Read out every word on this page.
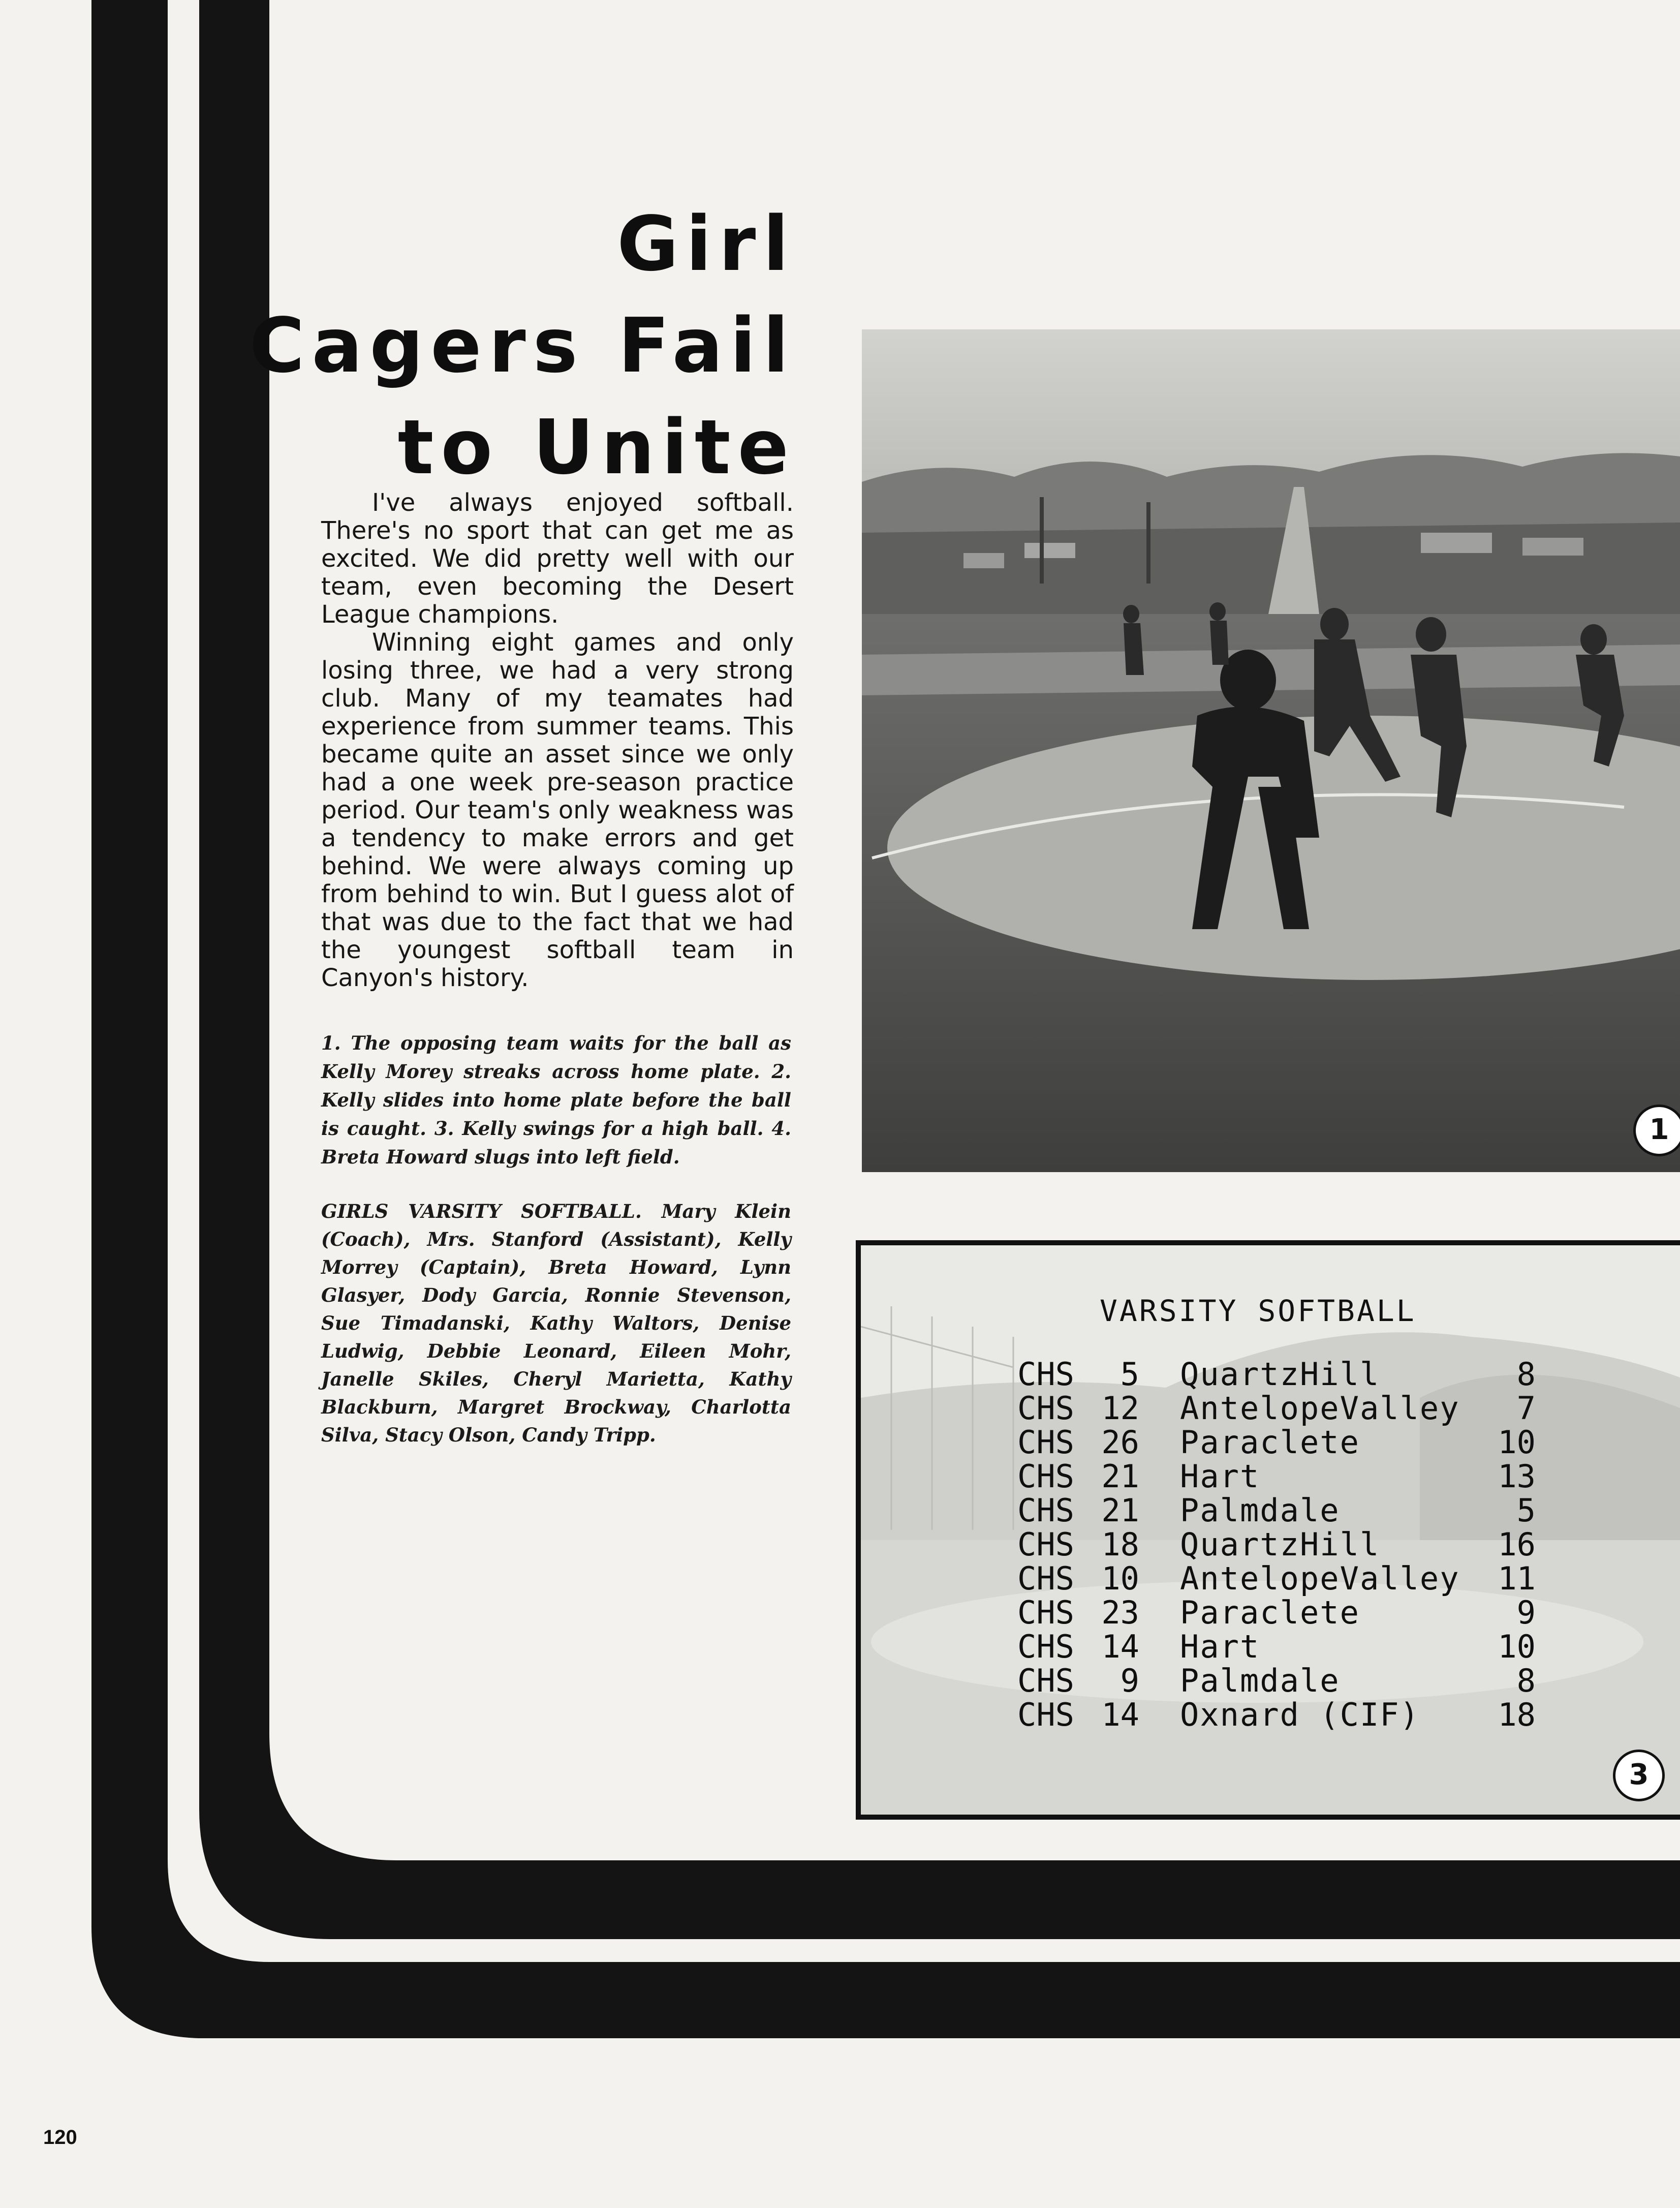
Girl
Cagers Fail
to Unite

I've always enjoyed softball. There's no sport that can get me as excited. We did pretty well with our team, even becoming the Desert League champions.

Winning eight games and only losing three, we had a very strong club. Many of my teamates had experience from summer teams. This became quite an asset since we only had a one week pre-season practice period. Our team's only weakness was a tendency to make errors and get behind. We were always coming up from behind to win. But I guess alot of that was due to the fact that we had the youngest softball team in Canyon's history.

1. The opposing team waits for the ball as Kelly Morey streaks across home plate. 2. Kelly slides into home plate before the ball is caught. 3. Kelly swings for a high ball. 4. Breta Howard slugs into left field.
GIRLS VARSITY SOFTBALL. Mary Klein (Coach), Mrs. Stanford (Assistant), Kelly Morrey (Captain), Breta Howard, Lynn Glasyer, Dody Garcia, Ronnie Stevenson, Sue Timadanski, Kathy Waltors, Denise Ludwig, Debbie Leonard, Eileen Mohr, Janelle Skiles, Cheryl Marietta, Kathy Blackburn, Margret Brockway, Charlotta Silva, Stacy Olson, Candy Tripp.
1
VARSITY SOFTBALL
CHS	5	QuartzHill	8
CHS	12	AntelopeValley	7
CHS	26	Paraclete	10
CHS	21	Hart	13
CHS	21	Palmdale	5
CHS	18	QuartzHill	16
CHS	10	AntelopeValley	11
CHS	23	Paraclete	9
CHS	14	Hart	10
CHS	9	Palmdale	8
CHS	14	Oxnard (CIF)	18
3
120
